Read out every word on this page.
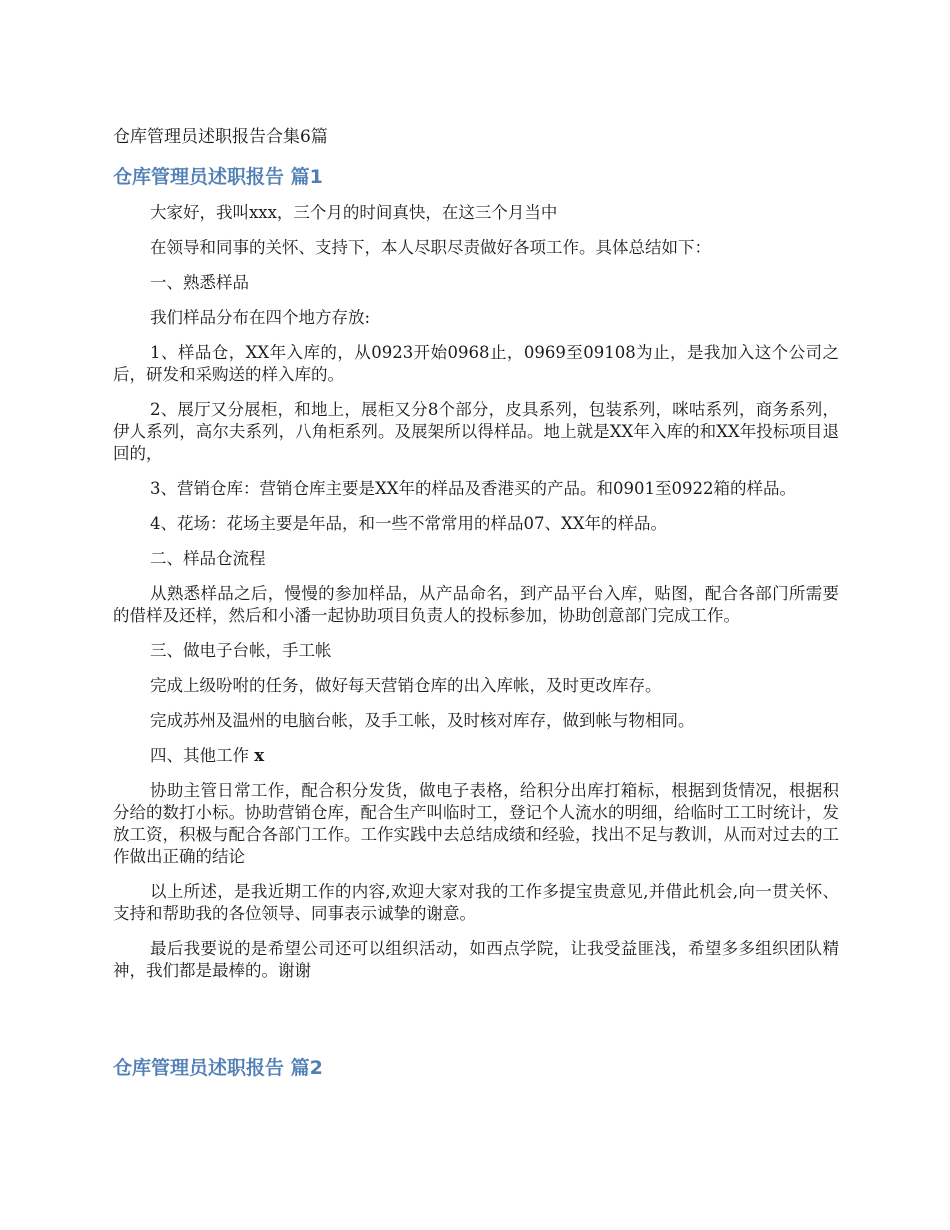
仓库管理员述职报告合集6篇
仓库管理员述职报告 篇1

大家好，我叫xxx，三个月的时间真快，在这三个月当中

在领导和同事的关怀、支持下，本人尽职尽责做好各项工作。具体总结如下：

一、熟悉样品

我们样品分布在四个地方存放:

1、样品仓，XX年入库的，从0923开始0968止，0969至09108为止，是我加入这个公司之后，研发和采购送的样入库的。

2、展厅又分展柜，和地上，展柜又分8个部分，皮具系列，包装系列，咪咕系列，商务系列，伊人系列，高尔夫系列，八角柜系列。及展架所以得样品。地上就是XX年入库的和XX年投标项目退回的，

3、营销仓库：营销仓库主要是XX年的样品及香港买的产品。和0901至0922箱的样品。

4、花场：花场主要是年品，和一些不常常用的样品07、XX年的样品。

二、样品仓流程

从熟悉样品之后，慢慢的参加样品，从产品命名，到产品平台入库，贴图，配合各部门所需要的借样及还样，然后和小潘一起协助项目负责人的投标参加，协助创意部门完成工作。

三、做电子台帐，手工帐

完成上级吩咐的任务，做好每天营销仓库的出入库帐，及时更改库存。

完成苏州及温州的电脑台帐，及手工帐，及时核对库存，做到帐与物相同。

四、其他工作 x

协助主管日常工作，配合积分发货，做电子表格，给积分出库打箱标，根据到货情况，根据积分给的数打小标。协助营销仓库，配合生产叫临时工，登记个人流水的明细，给临时工工时统计，发放工资，积极与配合各部门工作。工作实践中去总结成绩和经验，找出不足与教训，从而对过去的工作做出正确的结论

以上所述，是我近期工作的内容,欢迎大家对我的工作多提宝贵意见,并借此机会,向一贯关怀、支持和帮助我的各位领导、同事表示诚挚的谢意。

最后我要说的是希望公司还可以组织活动，如西点学院，让我受益匪浅，希望多多组织团队精神，我们都是最棒的。谢谢

仓库管理员述职报告 篇2
